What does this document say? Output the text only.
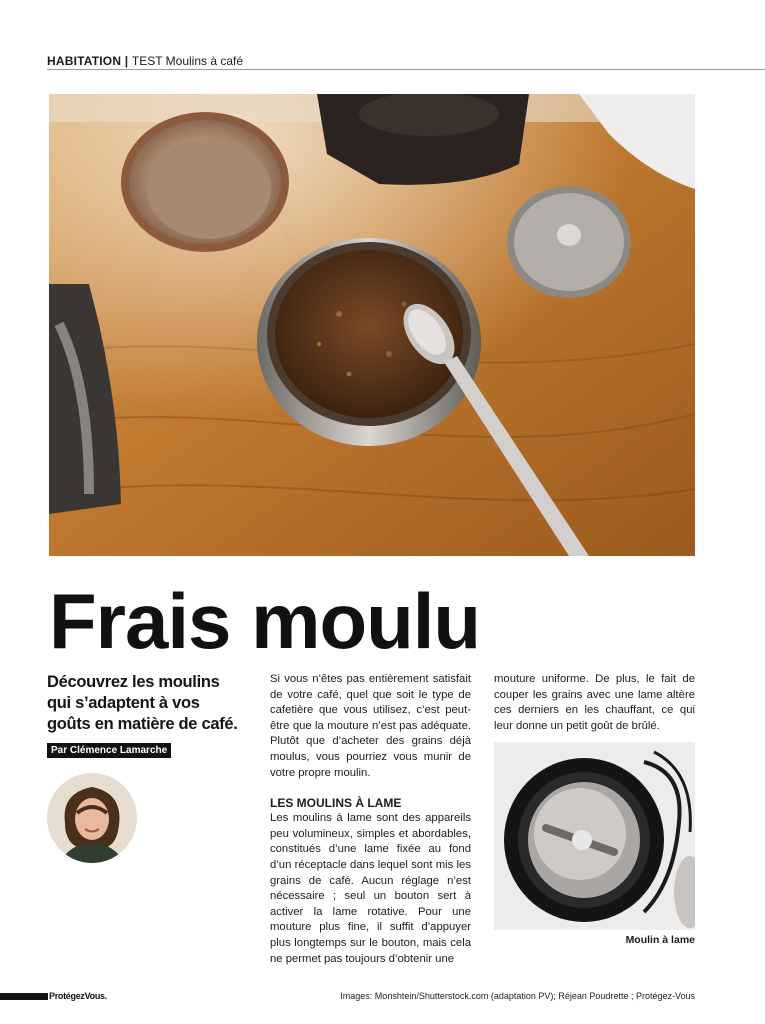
HABITATION | TEST Moulins à café
Frais moulu
Découvrez les moulins qui s’adaptent à vos goûts en matière de café.
Par Clémence Lamarche

Si vous n’êtes pas entièrement satisfait de votre café, quel que soit le type de cafetière que vous utilisez, c’est peut-être que la mouture n’est pas adéquate. Plutôt que d’acheter des grains déjà moulus, vous pourriez vous munir de votre propre moulin.

LES MOULINS À LAME

Les moulins à lame sont des appareils peu volumineux, simples et abordables, constitués d’une lame fixée au fond d’un réceptacle dans lequel sont mis les grains de café. Aucun réglage n’est nécessaire ; seul un bouton sert à activer la lame rotative. Pour une mouture plus fine, il suffit d’appuyer plus longtemps sur le bouton, mais cela ne permet pas toujours d’obtenir une

mouture uniforme. De plus, le fait de couper les grains avec une lame altère ces derniers en les chauffant, ce qui leur donne un petit goût de brûlé.

Moulin à lame
ProtégezVous.	Images: Monshtein/Shutterstock.com (adaptation PV); Réjean Poudrette ; Protégez-Vous
